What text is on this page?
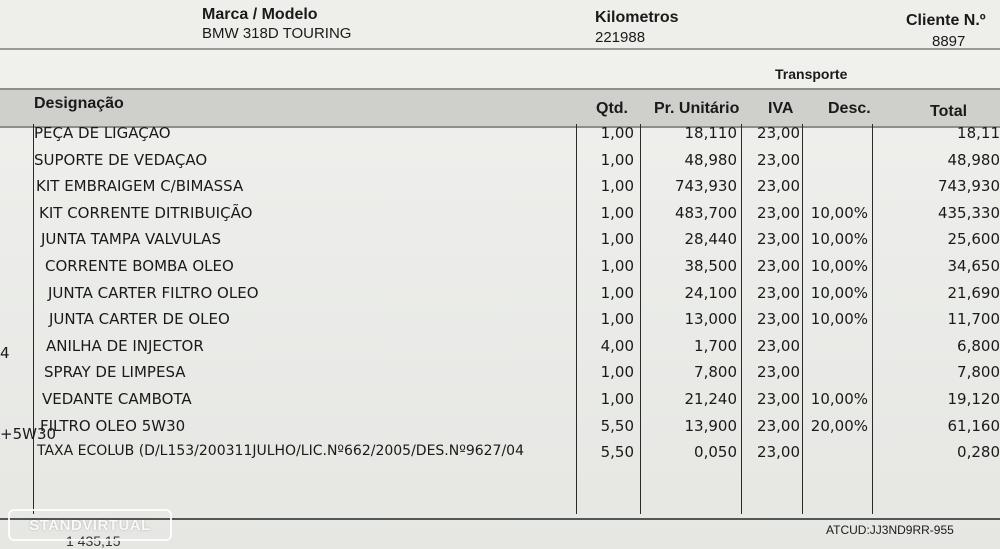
Marca / Modelo
BMW 318D TOURING
Kilometros
221988
Cliente N.º
8897
Transporte
Designação	Qtd. Pr. Unitário IVA Desc.	Total
PEÇA DE LIGAÇAO	1,00	18,110	23,00	18,11
SUPORTE DE VEDAÇAO	1,00	48,980	23,00	48,980
KIT EMBRAIGEM C/BIMASSA	1,00	743,930	23,00	743,930
KIT CORRENTE DITRIBUIÇÃO	1,00	483,700	23,00 10,00%	435,330
JUNTA TAMPA VALVULAS	1,00	28,440	23,00 10,00%	25,600
CORRENTE BOMBA OLEO	1,00	38,500	23,00 10,00%	34,650
JUNTA CARTER FILTRO OLEO	1,00	24,100	23,00 10,00%	21,690
JUNTA CARTER DE OLEO	1,00	13,000	23,00 10,00%	11,700
ANILHA DE INJECTOR	4,00	1,700	23,00	6,800
SPRAY DE LIMPESA	1,00	7,800	23,00	7,800
VEDANTE CAMBOTA	1,00	21,240	23,00 10,00%	19,120
FILTRO OLEO 5W30	5,50	13,900	23,00 20,00%	61,160
TAXA ECOLUB (D/L153/200311JULHO/LIC.Nº662/2005/DES.Nº9627/04	5,50	0,050	23,00	0,280
4
+5W30
ATCUD:JJ3ND9RR-955
1 435,15
STANDVIRTUAL
